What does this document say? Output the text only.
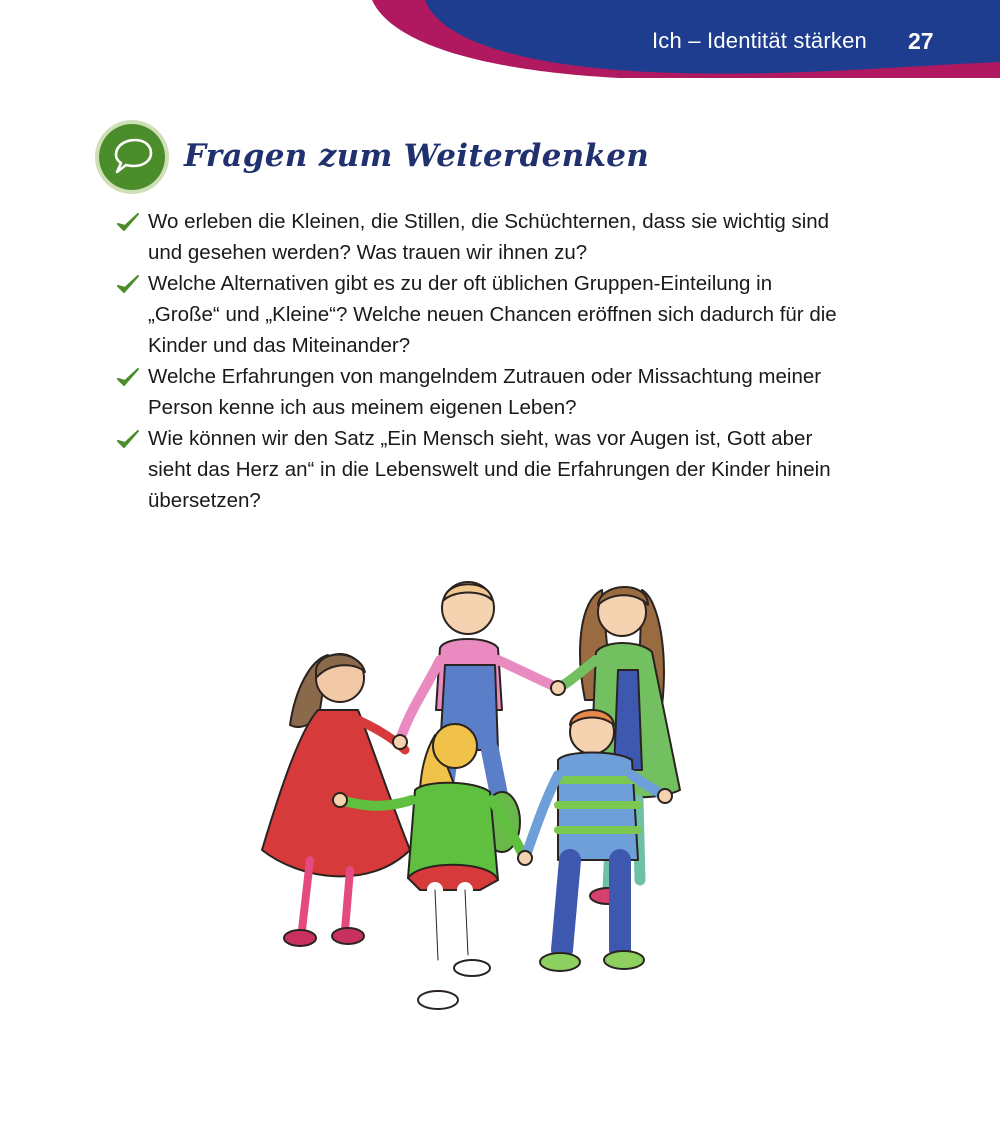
Ich – Identität stärken 27
Fragen zum Weiterdenken
Wo erleben die Kleinen, die Stillen, die Schüchternen, dass sie wichtig sind und gesehen werden? Was trauen wir ihnen zu?
Welche Alternativen gibt es zu der oft üblichen Gruppen-Einteilung in „Große“ und „Kleine“? Welche neuen Chancen eröffnen sich dadurch für die Kinder und das Miteinander?
Welche Erfahrungen von mangelndem Zutrauen oder Missachtung meiner Person kenne ich aus meinem eigenen Leben?
Wie können wir den Satz „Ein Mensch sieht, was vor Augen ist, Gott aber sieht das Herz an“ in die Lebenswelt und die Erfahrungen der Kinder hinein übersetzen?
